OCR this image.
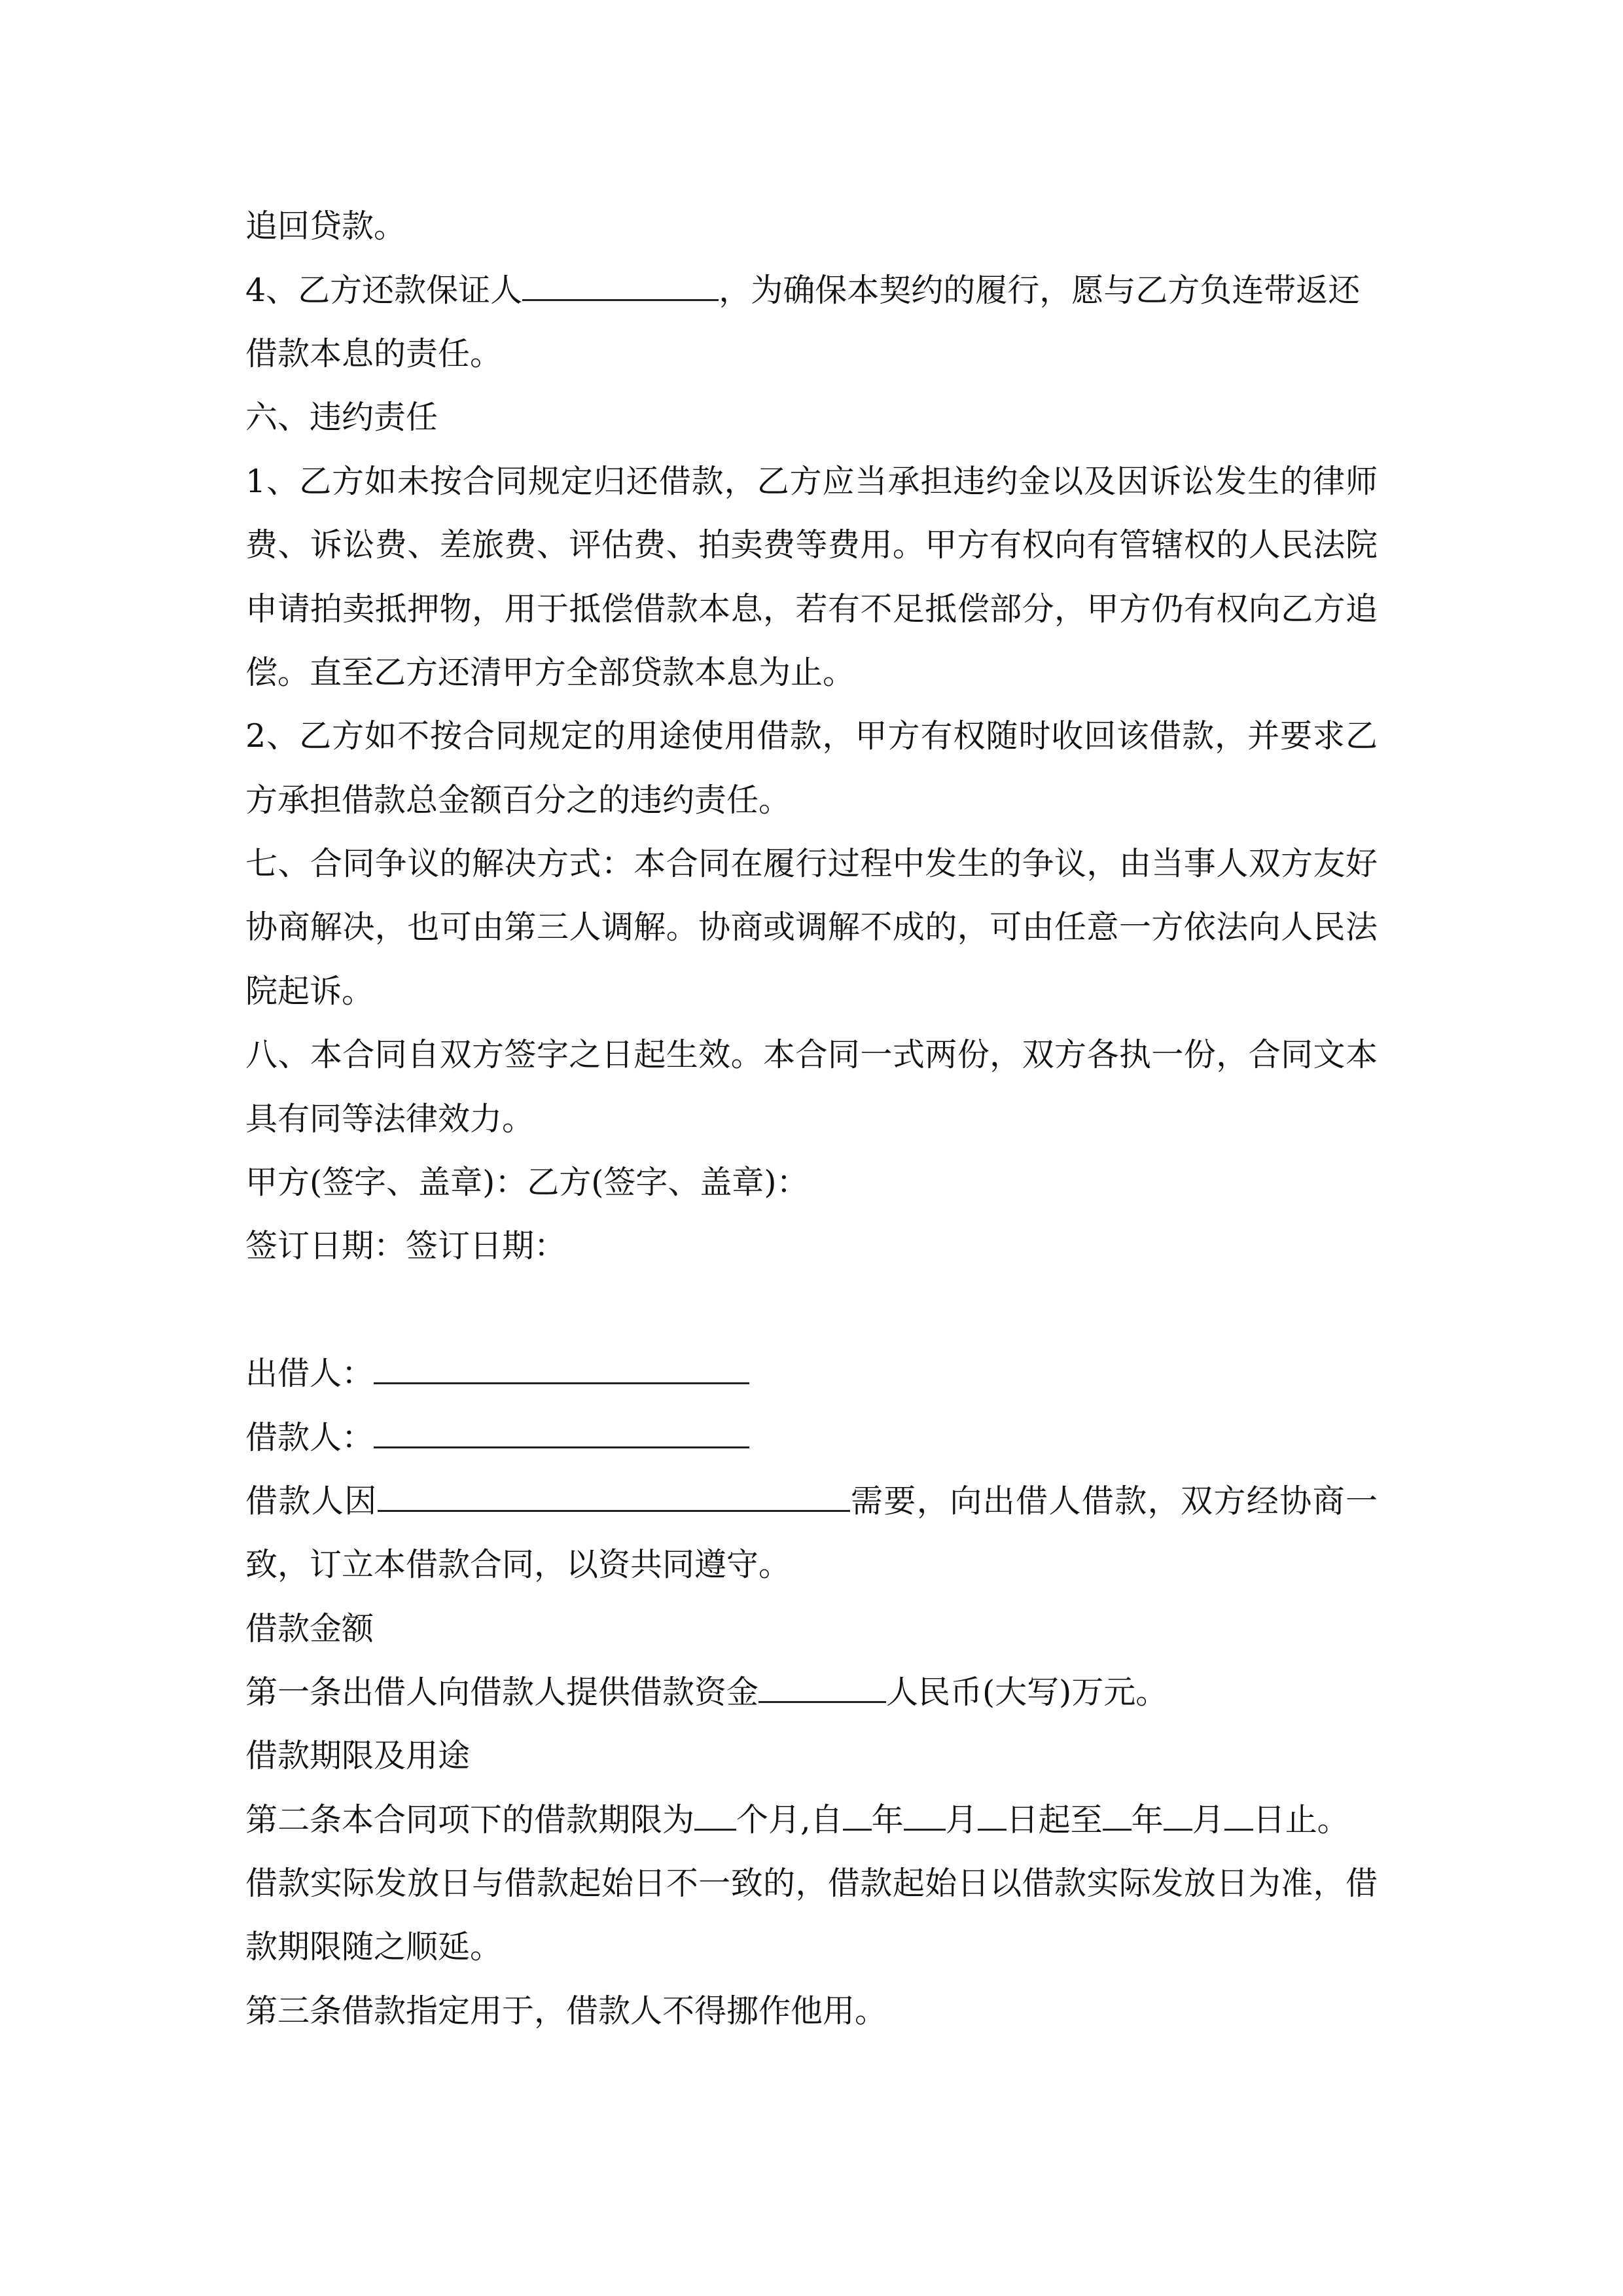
追回贷款。
4、乙方还款保证人	，为确保本契约的履行，愿与乙方负连带返还
借款本息的责任。
六、违约责任
1、乙方如未按合同规定归还借款，乙方应当承担违约金以及因诉讼发生的律师
费、诉讼费、差旅费、评估费、拍卖费等费用。甲方有权向有管辖权的人民法院
申请拍卖抵押物，用于抵偿借款本息，若有不足抵偿部分，甲方仍有权向乙方追
偿。直至乙方还清甲方全部贷款本息为止。
2、乙方如不按合同规定的用途使用借款，甲方有权随时收回该借款，并要求乙
方承担借款总金额百分之的违约责任。
七、合同争议的解决方式：本合同在履行过程中发生的争议，由当事人双方友好
协商解决，也可由第三人调解。协商或调解不成的，可由任意一方依法向人民法
院起诉。
八、本合同自双方签字之日起生效。本合同一式两份，双方各执一份，合同文本
具有同等法律效力。
甲方(签字、盖章)：乙方(签字、盖章)：
签订日期：签订日期：
出借人：
借款人：
借款人因	需要，向出借人借款，双方经协商一
致，订立本借款合同，以资共同遵守。
借款金额
第一条出借人向借款人提供借款资金	人民币(大写)万元。
借款期限及用途
第二条本合同项下的借款期限为 个月,自 年 月 日起至 年 月 日止。
借款实际发放日与借款起始日不一致的，借款起始日以借款实际发放日为准，借
款期限随之顺延。
第三条借款指定用于，借款人不得挪作他用。
